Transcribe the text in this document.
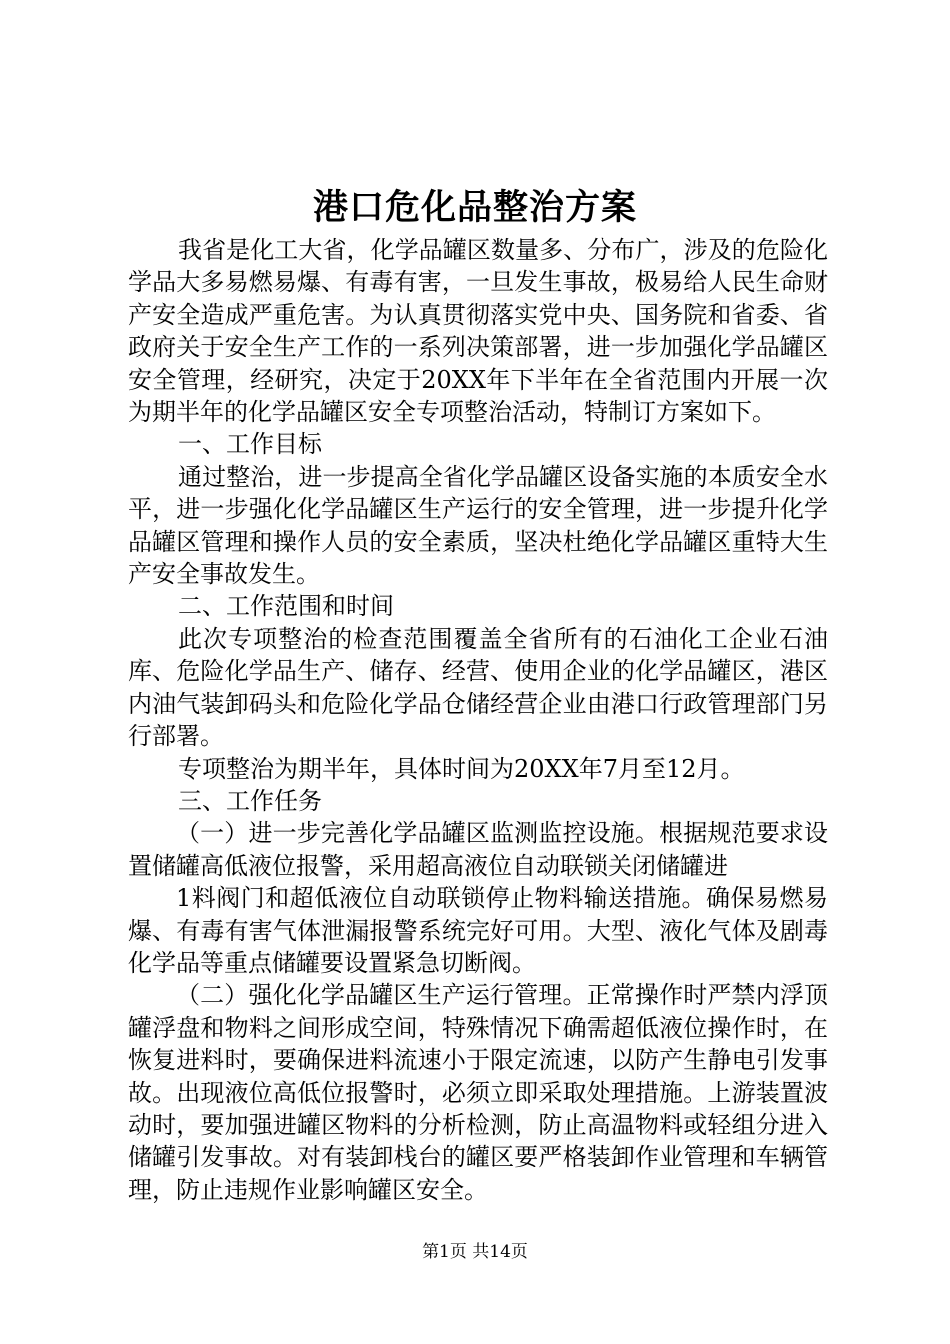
港口危化品整治方案

我省是化工大省，化学品罐区数量多、分布广，涉及的危险化学品大多易燃易爆、有毒有害，一旦发生事故，极易给人民生命财产安全造成严重危害。为认真贯彻落实党中央、国务院和省委、省政府关于安全生产工作的一系列决策部署，进一步加强化学品罐区安全管理，经研究，决定于20XX年下半年在全省范围内开展一次为期半年的化学品罐区安全专项整治活动，特制订方案如下。

一、工作目标

通过整治，进一步提高全省化学品罐区设备实施的本质安全水平，进一步强化化学品罐区生产运行的安全管理，进一步提升化学品罐区管理和操作人员的安全素质，坚决杜绝化学品罐区重特大生产安全事故发生。

二、工作范围和时间

此次专项整治的检查范围覆盖全省所有的石油化工企业石油库、危险化学品生产、储存、经营、使用企业的化学品罐区，港区内油气装卸码头和危险化学品仓储经营企业由港口行政管理部门另行部署。

专项整治为期半年，具体时间为20XX年7月至12月。

三、工作任务

（一）进一步完善化学品罐区监测监控设施。根据规范要求设置储罐高低液位报警，采用超高液位自动联锁关闭储罐进

1料阀门和超低液位自动联锁停止物料输送措施。确保易燃易爆、有毒有害气体泄漏报警系统完好可用。大型、液化气体及剧毒化学品等重点储罐要设置紧急切断阀。

（二）强化化学品罐区生产运行管理。正常操作时严禁内浮顶罐浮盘和物料之间形成空间，特殊情况下确需超低液位操作时，在恢复进料时，要确保进料流速小于限定流速，以防产生静电引发事故。出现液位高低位报警时，必须立即采取处理措施。上游装置波动时，要加强进罐区物料的分析检测，防止高温物料或轻组分进入储罐引发事故。对有装卸栈台的罐区要严格装卸作业管理和车辆管理，防止违规作业影响罐区安全。

第1页 共14页
